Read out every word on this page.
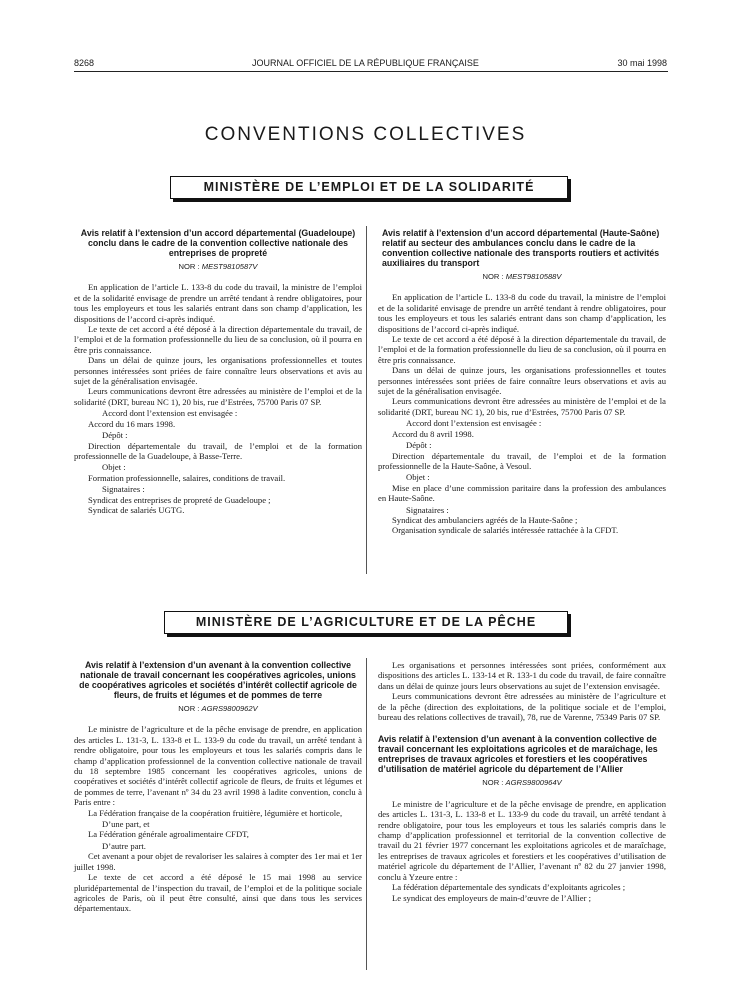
8268	JOURNAL OFFICIEL DE LA RÉPUBLIQUE FRANÇAISE	30 mai 1998
CONVENTIONS COLLECTIVES
MINISTÈRE DE L’EMPLOI ET DE LA SOLIDARITÉ
Avis relatif à l’extension d’un accord départemental (Guadeloupe) conclu dans le cadre de la convention collective nationale des entreprises de propreté
NOR : MESТ9810587V

En application de l’article L. 133-8 du code du travail, la ministre de l’emploi et de la solidarité envisage de prendre un arrêté tendant à rendre obligatoires, pour tous les employeurs et tous les salariés entrant dans son champ d’application, les dispositions de l’accord ci-après indiqué.

Le texte de cet accord a été déposé à la direction départementale du travail, de l’emploi et de la formation professionnelle du lieu de sa conclusion, où il pourra en être pris connaissance.

Dans un délai de quinze jours, les organisations professionnelles et toutes personnes intéressées sont priées de faire connaître leurs observations et avis au sujet de la généralisation envisagée.

Leurs communications devront être adressées au ministère de l’emploi et de la solidarité (DRT, bureau NC 1), 20 bis, rue d’Estrées, 75700 Paris 07 SP.

Accord dont l’extension est envisagée :

Accord du 16 mars 1998.

Dépôt :

Direction départementale du travail, de l’emploi et de la formation professionnelle de la Guadeloupe, à Basse-Terre.

Objet :

Formation professionnelle, salaires, conditions de travail.

Signataires :

Syndicat des entreprises de propreté de Guadeloupe ;

Syndicat de salariés UGTG.

Avis relatif à l’extension d’un accord départemental (Haute-Saône) relatif au secteur des ambulances conclu dans le cadre de la convention collective nationale des transports routiers et activités auxiliaires du transport
NOR : MESТ9810588V

En application de l’article L. 133-8 du code du travail, la ministre de l’emploi et de la solidarité envisage de prendre un arrêté tendant à rendre obligatoires, pour tous les employeurs et tous les salariés entrant dans son champ d’application, les dispositions de l’accord ci-après indiqué.

Le texte de cet accord a été déposé à la direction départementale du travail, de l’emploi et de la formation professionnelle du lieu de sa conclusion, où il pourra en être pris connaissance.

Dans un délai de quinze jours, les organisations professionnelles et toutes personnes intéressées sont priées de faire connaître leurs observations et avis au sujet de la généralisation envisagée.

Leurs communications devront être adressées au ministère de l’emploi et de la solidarité (DRT, bureau NC 1), 20 bis, rue d’Estrées, 75700 Paris 07 SP.

Accord dont l’extension est envisagée :

Accord du 8 avril 1998.

Dépôt :

Direction départementale du travail, de l’emploi et de la formation professionnelle de la Haute-Saône, à Vesoul.

Objet :

Mise en place d’une commission paritaire dans la profession des ambulances en Haute-Saône.

Signataires :

Syndicat des ambulanciers agréés de la Haute-Saône ;

Organisation syndicale de salariés intéressée rattachée à la CFDT.

MINISTÈRE DE L’AGRICULTURE ET DE LA PÊCHE
Avis relatif à l’extension d’un avenant à la convention collective nationale de travail concernant les coopératives agricoles, unions de coopératives agricoles et sociétés d’intérêt collectif agricole de fleurs, de fruits et légumes et de pommes de terre
NOR : AGRS9800962V

Le ministre de l’agriculture et de la pêche envisage de prendre, en application des articles L. 131-3, L. 133-8 et L. 133-9 du code du travail, un arrêté tendant à rendre obligatoire, pour tous les employeurs et tous les salariés compris dans le champ d’application professionnel de la convention collective nationale de travail du 18 septembre 1985 concernant les coopératives agricoles, unions de coopératives et sociétés d’intérêt collectif agricole de fleurs, de fruits et légumes et de pommes de terre, l’avenant nº 34 du 23 avril 1998 à ladite convention, conclu à Paris entre :

La Fédération française de la coopération fruitière, légumière et horticole,

D’une part, et

La Fédération générale agroalimentaire CFDT,

D’autre part.

Cet avenant a pour objet de revaloriser les salaires à compter des 1er mai et 1er juillet 1998.

Le texte de cet accord a été déposé le 15 mai 1998 au service pluridépartemental de l’inspection du travail, de l’emploi et de la politique sociale agricoles de Paris, où il peut être consulté, ainsi que dans tous les services départementaux.

Les organisations et personnes intéressées sont priées, conformément aux dispositions des articles L. 133-14 et R. 133-1 du code du travail, de faire connaître dans un délai de quinze jours leurs observations au sujet de l’extension envisagée.

Leurs communications devront être adressées au ministère de l’agriculture et de la pêche (direction des exploitations, de la politique sociale et de l’emploi, bureau des relations collectives de travail), 78, rue de Varenne, 75349 Paris 07 SP.

Avis relatif à l’extension d’un avenant à la convention collective de travail concernant les exploitations agricoles et de maraîchage, les entreprises de travaux agricoles et forestiers et les coopératives d’utilisation de matériel agricole du département de l’Allier
NOR : AGRS9800964V

Le ministre de l’agriculture et de la pêche envisage de prendre, en application des articles L. 131-3, L. 133-8 et L. 133-9 du code du travail, un arrêté tendant à rendre obligatoire, pour tous les employeurs et tous les salariés compris dans le champ d’application professionnel et territorial de la convention collective de travail du 21 février 1977 concernant les exploitations agricoles et de maraîchage, les entreprises de travaux agricoles et forestiers et les coopératives d’utilisation de matériel agricole du département de l’Allier, l’avenant nº 82 du 27 janvier 1998, conclu à Yzeure entre :

La fédération départementale des syndicats d’exploitants agricoles ;

Le syndicat des employeurs de main-d’œuvre de l’Allier ;
